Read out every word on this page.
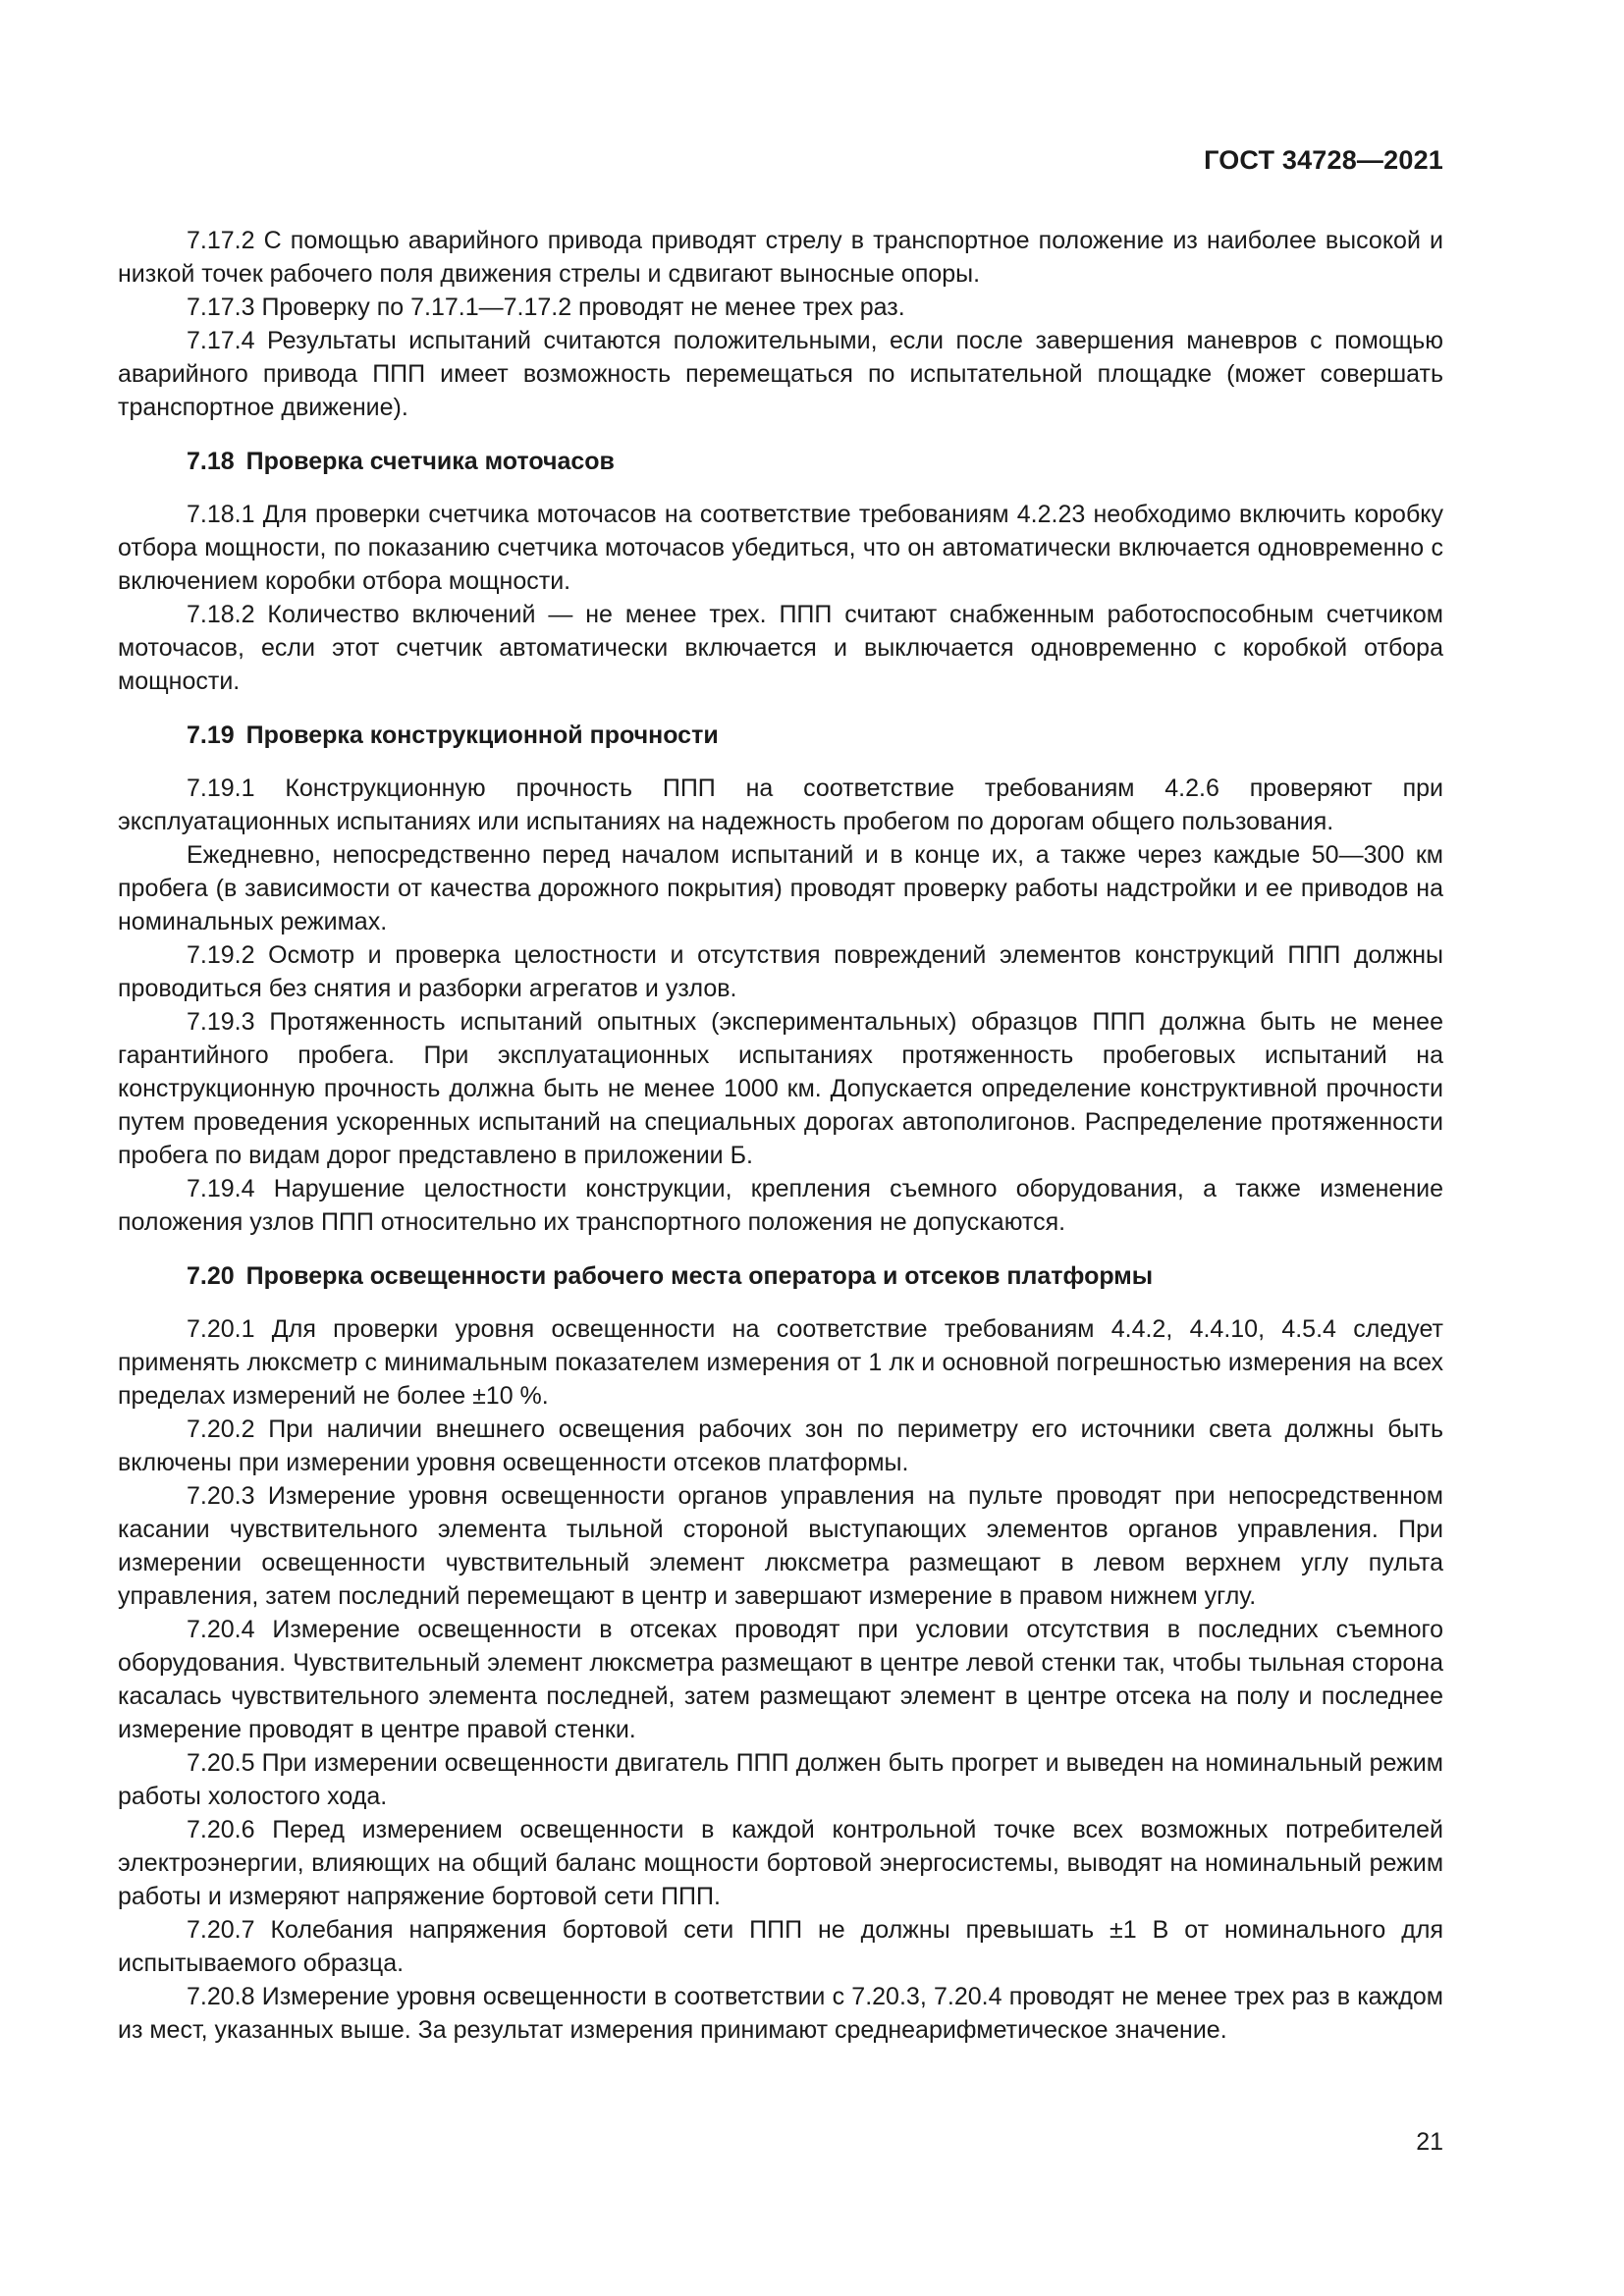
ГОСТ 34728—2021

7.17.2 С помощью аварийного привода приводят стрелу в транспортное положение из наиболее высокой и низкой точек рабочего поля движения стрелы и сдвигают выносные опоры.

7.17.3 Проверку по 7.17.1—7.17.2 проводят не менее трех раз.

7.17.4 Результаты испытаний считаются положительными, если после завершения маневров с помощью аварийного привода ППП имеет возможность перемещаться по испытательной площадке (может совершать транспортное движение).

7.18 Проверка счетчика моточасов

7.18.1 Для проверки счетчика моточасов на соответствие требованиям 4.2.23 необходимо включить коробку отбора мощности, по показанию счетчика моточасов убедиться, что он автоматически включается одновременно с включением коробки отбора мощности.

7.18.2 Количество включений — не менее трех. ППП считают снабженным работоспособным счетчиком моточасов, если этот счетчик автоматически включается и выключается одновременно с коробкой отбора мощности.

7.19 Проверка конструкционной прочности

7.19.1 Конструкционную прочность ППП на соответствие требованиям 4.2.6 проверяют при эксплуатационных испытаниях или испытаниях на надежность пробегом по дорогам общего пользования.

Ежедневно, непосредственно перед началом испытаний и в конце их, а также через каждые 50—300 км пробега (в зависимости от качества дорожного покрытия) проводят проверку работы надстройки и ее приводов на номинальных режимах.

7.19.2 Осмотр и проверка целостности и отсутствия повреждений элементов конструкций ППП должны проводиться без снятия и разборки агрегатов и узлов.

7.19.3 Протяженность испытаний опытных (экспериментальных) образцов ППП должна быть не менее гарантийного пробега. При эксплуатационных испытаниях протяженность пробеговых испытаний на конструкционную прочность должна быть не менее 1000 км. Допускается определение конструктивной прочности путем проведения ускоренных испытаний на специальных дорогах автополигонов. Распределение протяженности пробега по видам дорог представлено в приложении Б.

7.19.4 Нарушение целостности конструкции, крепления съемного оборудования, а также изменение положения узлов ППП относительно их транспортного положения не допускаются.

7.20 Проверка освещенности рабочего места оператора и отсеков платформы

7.20.1 Для проверки уровня освещенности на соответствие требованиям 4.4.2, 4.4.10, 4.5.4 следует применять люксметр с минимальным показателем измерения от 1 лк и основной погрешностью измерения на всех пределах измерений не более ±10 %.

7.20.2 При наличии внешнего освещения рабочих зон по периметру его источники света должны быть включены при измерении уровня освещенности отсеков платформы.

7.20.3 Измерение уровня освещенности органов управления на пульте проводят при непосредственном касании чувствительного элемента тыльной стороной выступающих элементов органов управления. При измерении освещенности чувствительный элемент люксметра размещают в левом верхнем углу пульта управления, затем последний перемещают в центр и завершают измерение в правом нижнем углу.

7.20.4 Измерение освещенности в отсеках проводят при условии отсутствия в последних съемного оборудования. Чувствительный элемент люксметра размещают в центре левой стенки так, чтобы тыльная сторона касалась чувствительного элемента последней, затем размещают элемент в центре отсека на полу и последнее измерение проводят в центре правой стенки.

7.20.5 При измерении освещенности двигатель ППП должен быть прогрет и выведен на номинальный режим работы холостого хода.

7.20.6 Перед измерением освещенности в каждой контрольной точке всех возможных потребителей электроэнергии, влияющих на общий баланс мощности бортовой энергосистемы, выводят на номинальный режим работы и измеряют напряжение бортовой сети ППП.

7.20.7 Колебания напряжения бортовой сети ППП не должны превышать ±1 В от номинального для испытываемого образца.

7.20.8 Измерение уровня освещенности в соответствии с 7.20.3, 7.20.4 проводят не менее трех раз в каждом из мест, указанных выше. За результат измерения принимают среднеарифметическое значение.

21
